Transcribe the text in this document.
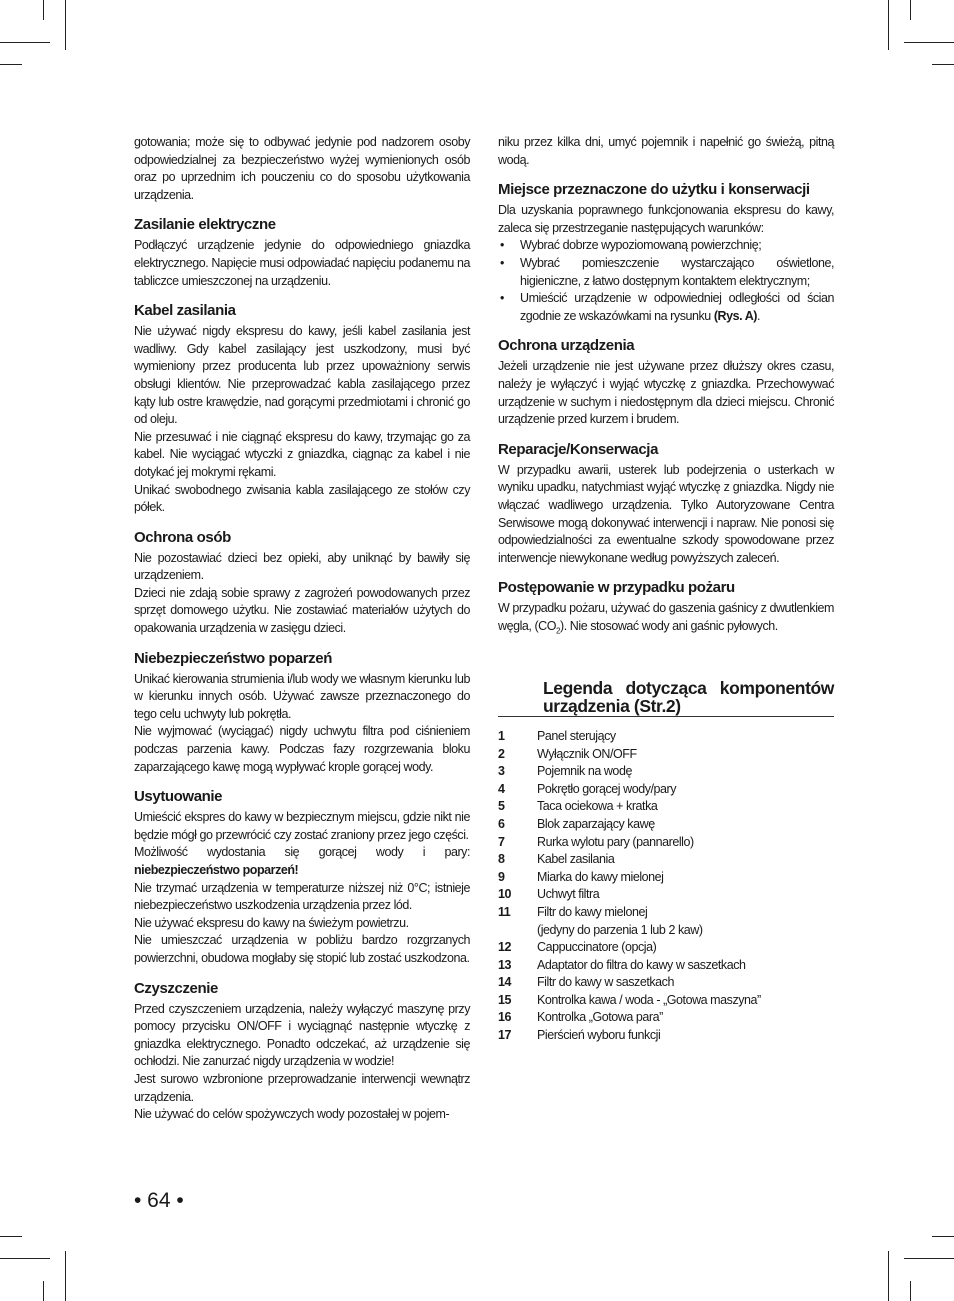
gotowania; może się to odbywać jedynie pod nadzorem osoby odpowiedzialnej za bezpieczeństwo wyżej wymienionych osób oraz po uprzednim ich pouczeniu co do sposobu użytkowania urządzenia.

Zasilanie elektryczne

Podłączyć urządzenie jedynie do odpowiedniego gniazdka elektrycznego. Napięcie musi odpowiadać napięciu podanemu na tabliczce umieszczonej na urządzeniu.

Kabel zasilania

Nie używać nigdy ekspresu do kawy, jeśli kabel zasilania jest wadliwy. Gdy kabel zasilający jest uszkodzony, musi być wymieniony przez producenta lub przez upoważniony serwis obsługi klientów. Nie przeprowadzać kabla zasilającego przez kąty lub ostre krawędzie, nad gorącymi przedmiotami i chronić go od oleju.

Nie przesuwać i nie ciągnąć ekspresu do kawy, trzymając go za kabel. Nie wyciągać wtyczki z gniazdka, ciągnąc za kabel i nie dotykać jej mokrymi rękami.

Unikać swobodnego zwisania kabla zasilającego ze stołów czy półek.

Ochrona osób

Nie pozostawiać dzieci bez opieki, aby uniknąć by bawiły się urządzeniem.

Dzieci nie zdają sobie sprawy z zagrożeń powodowanych przez sprzęt domowego użytku. Nie zostawiać materiałów użytych do opakowania urządzenia w zasięgu dzieci.

Niebezpieczeństwo poparzeń

Unikać kierowania strumienia i/lub wody we własnym kierunku lub w kierunku innych osób. Używać zawsze przeznaczonego do tego celu uchwyty lub pokrętła.

Nie wyjmować (wyciągać) nigdy uchwytu filtra pod ciśnieniem podczas parzenia kawy. Podczas fazy rozgrzewania bloku zaparzającego kawę mogą wypływać krople gorącej wody.

Usytuowanie

Umieścić ekspres do kawy w bezpiecznym miejscu, gdzie nikt nie będzie mógł go przewrócić czy zostać zraniony przez jego części.

Możliwość wydostania się gorącej wody i pary: niebezpieczeństwo poparzeń!

Nie trzymać urządzenia w temperaturze niższej niż 0°C; istnieje niebezpieczeństwo uszkodzenia urządzenia przez lód.

Nie używać ekspresu do kawy na świeżym powietrzu.

Nie umieszczać urządzenia w pobliżu bardzo rozgrzanych powierzchni, obudowa mogłaby się stopić lub zostać uszkodzona.

Czyszczenie

Przed czyszczeniem urządzenia, należy wyłączyć maszynę przy pomocy przycisku ON/OFF i wyciągnąć następnie wtyczkę z gniazdka elektrycznego. Ponadto odczekać, aż urządzenie się ochłodzi. Nie zanurzać nigdy urządzenia w wodzie!

Jest surowo wzbronione przeprowadzanie interwencji wewnątrz urządzenia.

Nie używać do celów spożywczych wody pozostałej w pojem-

niku przez kilka dni, umyć pojemnik i napełnić go świeżą, pitną wodą.

Miejsce przeznaczone do użytku i konserwacji

Dla uzyskania poprawnego funkcjonowania ekspresu do kawy, zaleca się przestrzeganie następujących warunków:

• Wybrać dobrze wypoziomowaną powierzchnię;
• Wybrać pomieszczenie wystarczająco oświetlone, higieniczne, z łatwo dostępnym kontaktem elektrycznym;
• Umieścić urządzenie w odpowiedniej odległości od ścian zgodnie ze wskazówkami na rysunku (Rys. A).
Ochrona urządzenia

Jeżeli urządzenie nie jest używane przez dłuższy okres czasu, należy je wyłączyć i wyjąć wtyczkę z gniazdka. Przechowywać urządzenie w suchym i niedostępnym dla dzieci miejscu. Chronić urządzenie przed kurzem i brudem.

Reparacje/Konserwacja

W przypadku awarii, usterek lub podejrzenia o usterkach w wyniku upadku, natychmiast wyjąć wtyczkę z gniazdka. Nigdy nie włączać wadliwego urządzenia. Tylko Autoryzowane Centra Serwisowe mogą dokonywać interwencji i napraw. Nie ponosi się odpowiedzialności za ewentualne szkody spowodowane przez interwencje niewykonane według powyższych zaleceń.

Postępowanie w przypadku pożaru

W przypadku pożaru, używać do gaszenia gaśnicy z dwutlenkiem węgla, $(CO_2)$. Nie stosować wody ani gaśnic pyłowych.

Legenda dotycząca komponentów urządzenia (Str.2)
1	Panel sterujący
2	Wyłącznik ON/OFF
3	Pojemnik na wodę
4	Pokrętło gorącej wody/pary
5	Taca ociekowa + kratka
6	Blok zaparzający kawę
7	Rurka wylotu pary (pannarello)
8	Kabel zasilania
9	Miarka do kawy mielonej
10	Uchwyt filtra
11	Filtr do kawy mielonej
(jedyny do parzenia 1 lub 2 kaw)
12	Cappuccinatore (opcja)
13	Adaptator do filtra do kawy w saszetkach
14	Filtr do kawy w saszetkach
15	Kontrolka kawa / woda - „Gotowa maszyna”
16	Kontrolka „Gotowa para”
17	Pierścień wyboru funkcji
• 64 •
